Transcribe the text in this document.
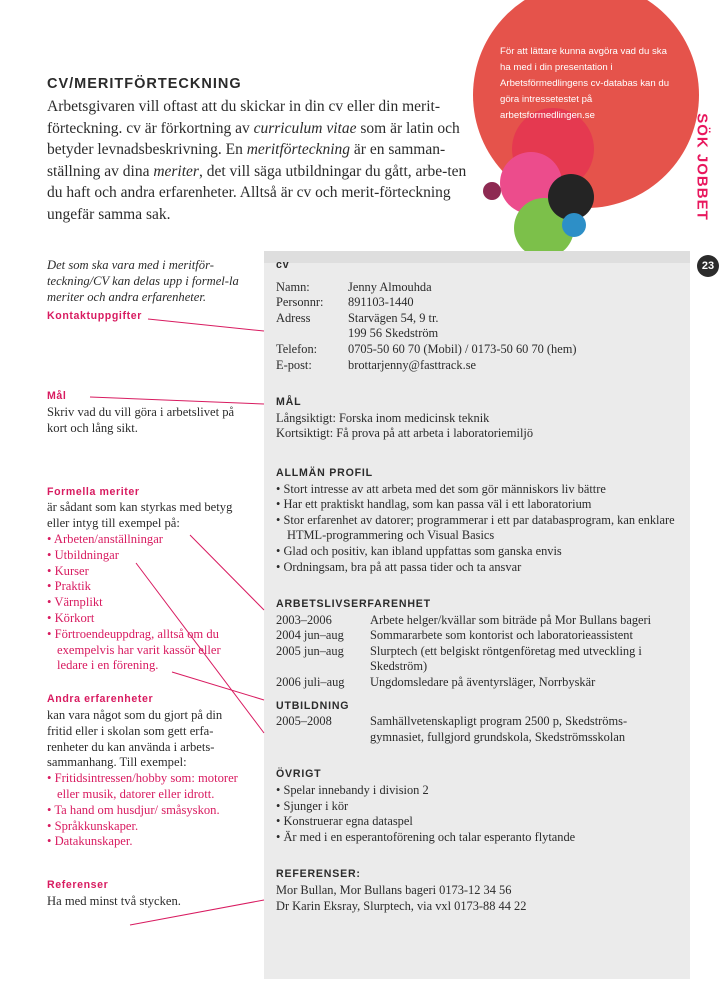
För att lättare kunna avgöra vad du ska ha med i din presentation i Arbetsförmedlingens cv-databas kan du göra intressetestet på arbetsformedlingen.se	SÖK JOBBET
23
CV/MERITFÖRTECKNING
Arbetsgivaren vill oftast att du skickar in din cv eller din merit-förteckning. cv är förkortning av curriculum vitae som är latin och betyder levnadsbeskrivning. En meritförteckning är en samman-ställning av dina meriter, det vill säga utbildningar du gått, arbe-ten du haft och andra erfarenheter. Alltså är cv och merit-förteckning ungefär samma sak.
Det som ska vara med i meritför-teckning/CV kan delas upp i formel-la meriter och andra erfarenheter.
Kontaktuppgifter
Mål
Skriv vad du vill göra i arbetslivet på kort och lång sikt.
Formella meriter
är sådant som kan styrkas med betyg eller intyg till exempel på:
• Arbeten/anställningar
• Utbildningar
• Kurser
• Praktik
• Värnplikt
• Körkort
• Förtroendeuppdrag, alltså om du exempelvis har varit kassör eller ledare i en förening.
Andra erfarenheter
kan vara något som du gjort på din fritid eller i skolan som gett erfa-renheter du kan använda i arbets-sammanhang. Till exempel:
• Fritidsintressen/hobby som: motorer eller musik, datorer eller idrott.
• Ta hand om husdjur/ småsyskon.
• Språkkunskaper.
• Datakunskaper.
Referenser
Ha med minst två stycken.
cv
Namn:	Jenny Almouhda
Personnr:	891103-1440
Adress	Starvägen 54, 9 tr.
199 56 Skedström
Telefon:	0705-50 60 70 (Mobil) / 0173-50 60 70 (hem)
E-post:	brottarjenny@fasttrack.se
MÅL
Långsiktigt: Forska inom medicinsk teknik
Kortsiktigt: Få prova på att arbeta i laboratoriemiljö
ALLMÄN PROFIL
• Stort intresse av att arbeta med det som gör människors liv bättre
• Har ett praktiskt handlag, som kan passa väl i ett laboratorium
• Stor erfarenhet av datorer; programmerar i ett par databasprogram, kan enklare HTML-programmering och Visual Basics
• Glad och positiv, kan ibland uppfattas som ganska envis
• Ordningsam, bra på att passa tider och ta ansvar
ARBETSLIVSERFARENHET
2003–2006	Arbete helger/kvällar som biträde på Mor Bullans bageri
2004 jun–aug	Sommararbete som kontorist och laboratorieassistent
2005 jun–aug	Slurptech (ett belgiskt röntgenföretag med utveckling i Skedström)
2006 juli–aug	Ungdomsledare på äventyrsläger, Norrbyskär
UTBILDNING
2005–2008	Samhällvetenskapligt program 2500 p, Skedströms-gymnasiet, fullgjord grundskola, Skedströmsskolan
ÖVRIGT
• Spelar innebandy i division 2
• Sjunger i kör
• Konstruerar egna dataspel
• Är med i en esperantoförening och talar esperanto flytande
REFERENSER:
Mor Bullan, Mor Bullans bageri 0173-12 34 56
Dr Karin Eksray, Slurptech, via vxl 0173-88 44 22
